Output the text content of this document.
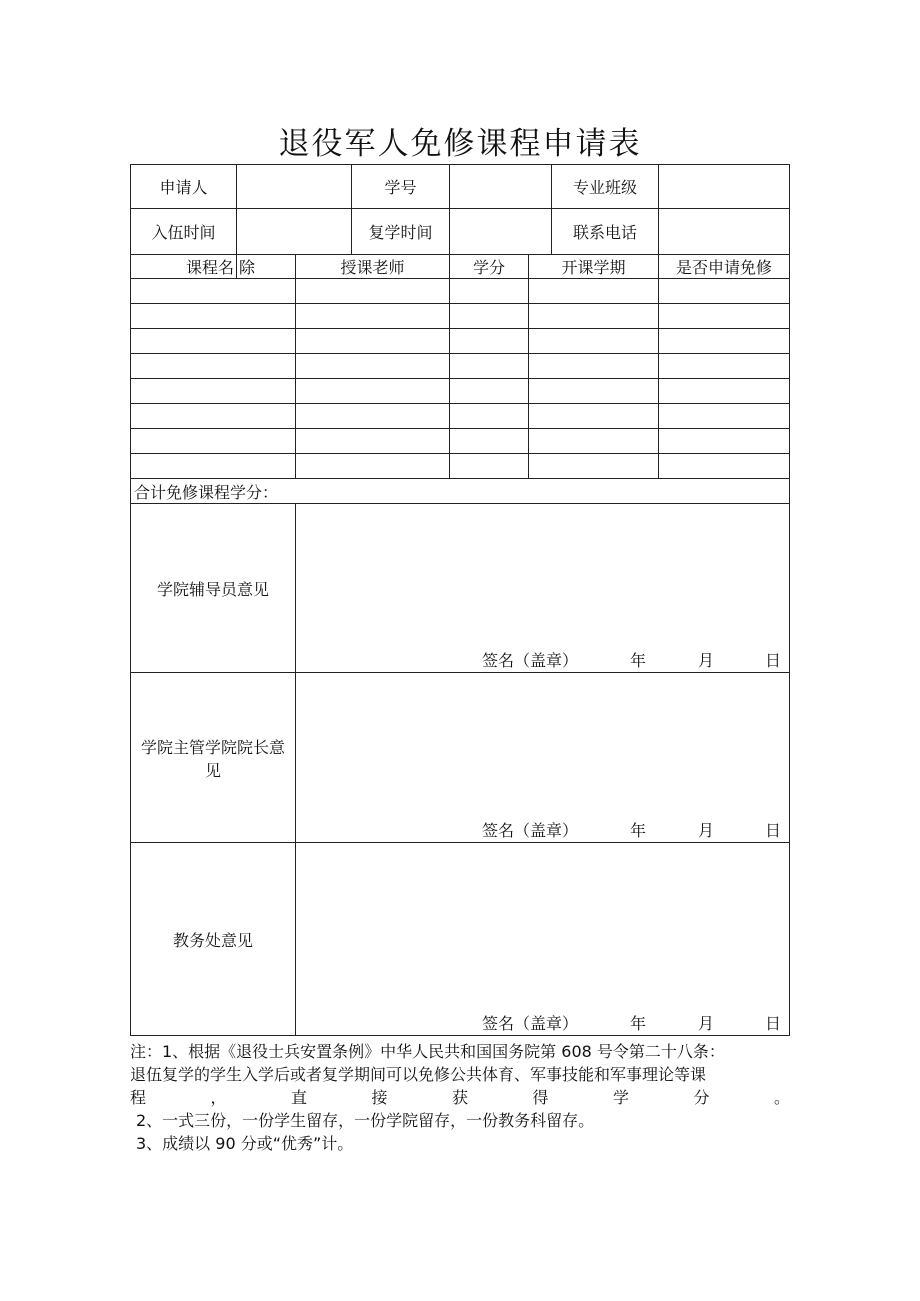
退役军人免修课程申请表
申请人	学号	专业班级
入伍时间	复学时间	联系电话
课程名 除	授课老师	学分	开课学期	是否申请免修
合计免修课程学分：
学院辅导员意见
签名（盖章）	年	月	日
学院主管学院院长意见
签名（盖章）	年	月	日
教务处意见
签名（盖章）	年	月	日
注：1、根据《退役士兵安置条例》中华人民共和国国务院第 608 号令第二十八条：
退伍复学的学生入学后或者复学期间可以免修公共体育、军事技能和军事理论等课
程，直接获得学分。
2、一式三份，一份学生留存，一份学院留存，一份教务科留存。
3、成绩以 90 分或“优秀”计。
